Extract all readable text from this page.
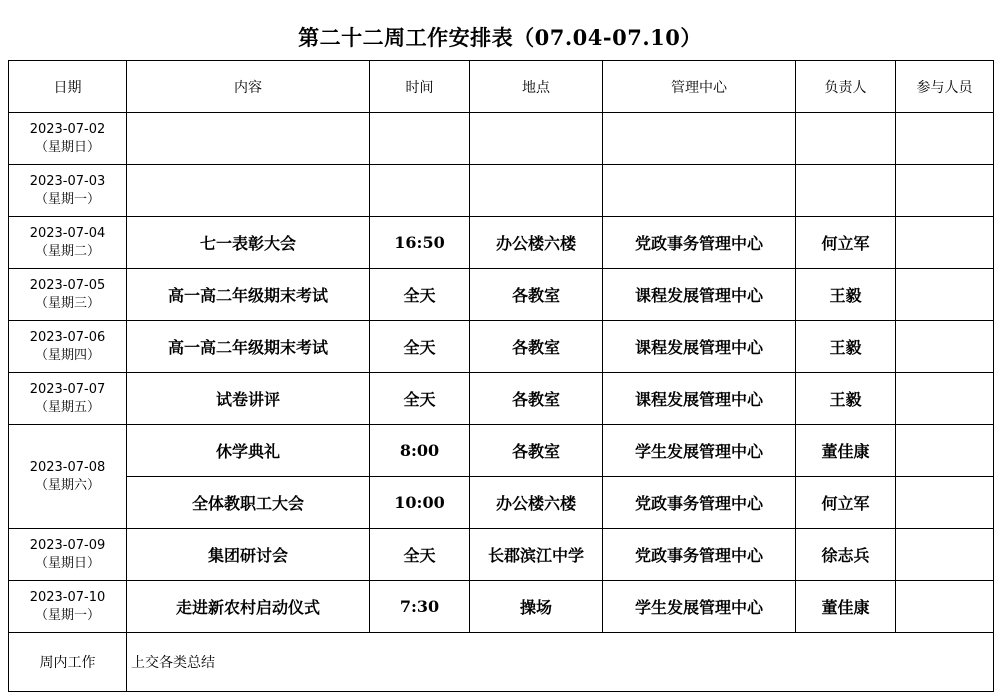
第二十二周工作安排表（07.04-07.10）
日期	内容	时间	地点	管理中心	负责人	参与人员

2023-07-02
（星期日）						

2023-07-03
（星期一）						

2023-07-04
（星期二）	七一表彰大会	16:50	办公楼六楼	党政事务管理中心	何立军	

2023-07-05
（星期三）	高一高二年级期末考试	全天	各教室	课程发展管理中心	王毅	

2023-07-06
（星期四）	高一高二年级期末考试	全天	各教室	课程发展管理中心	王毅	

2023-07-07
（星期五）	试卷讲评	全天	各教室	课程发展管理中心	王毅	

2023-07-08
（星期六）	休学典礼	8:00	各教室	学生发展管理中心	董佳康	
	全体教职工大会	10:00	办公楼六楼	党政事务管理中心	何立军	

2023-07-09
（星期日）	集团研讨会	全天	长郡滨江中学	党政事务管理中心	徐志兵	

2023-07-10
（星期一）	走进新农村启动仪式	7:30	操场	学生发展管理中心	董佳康	
周内工作	上交各类总结					
